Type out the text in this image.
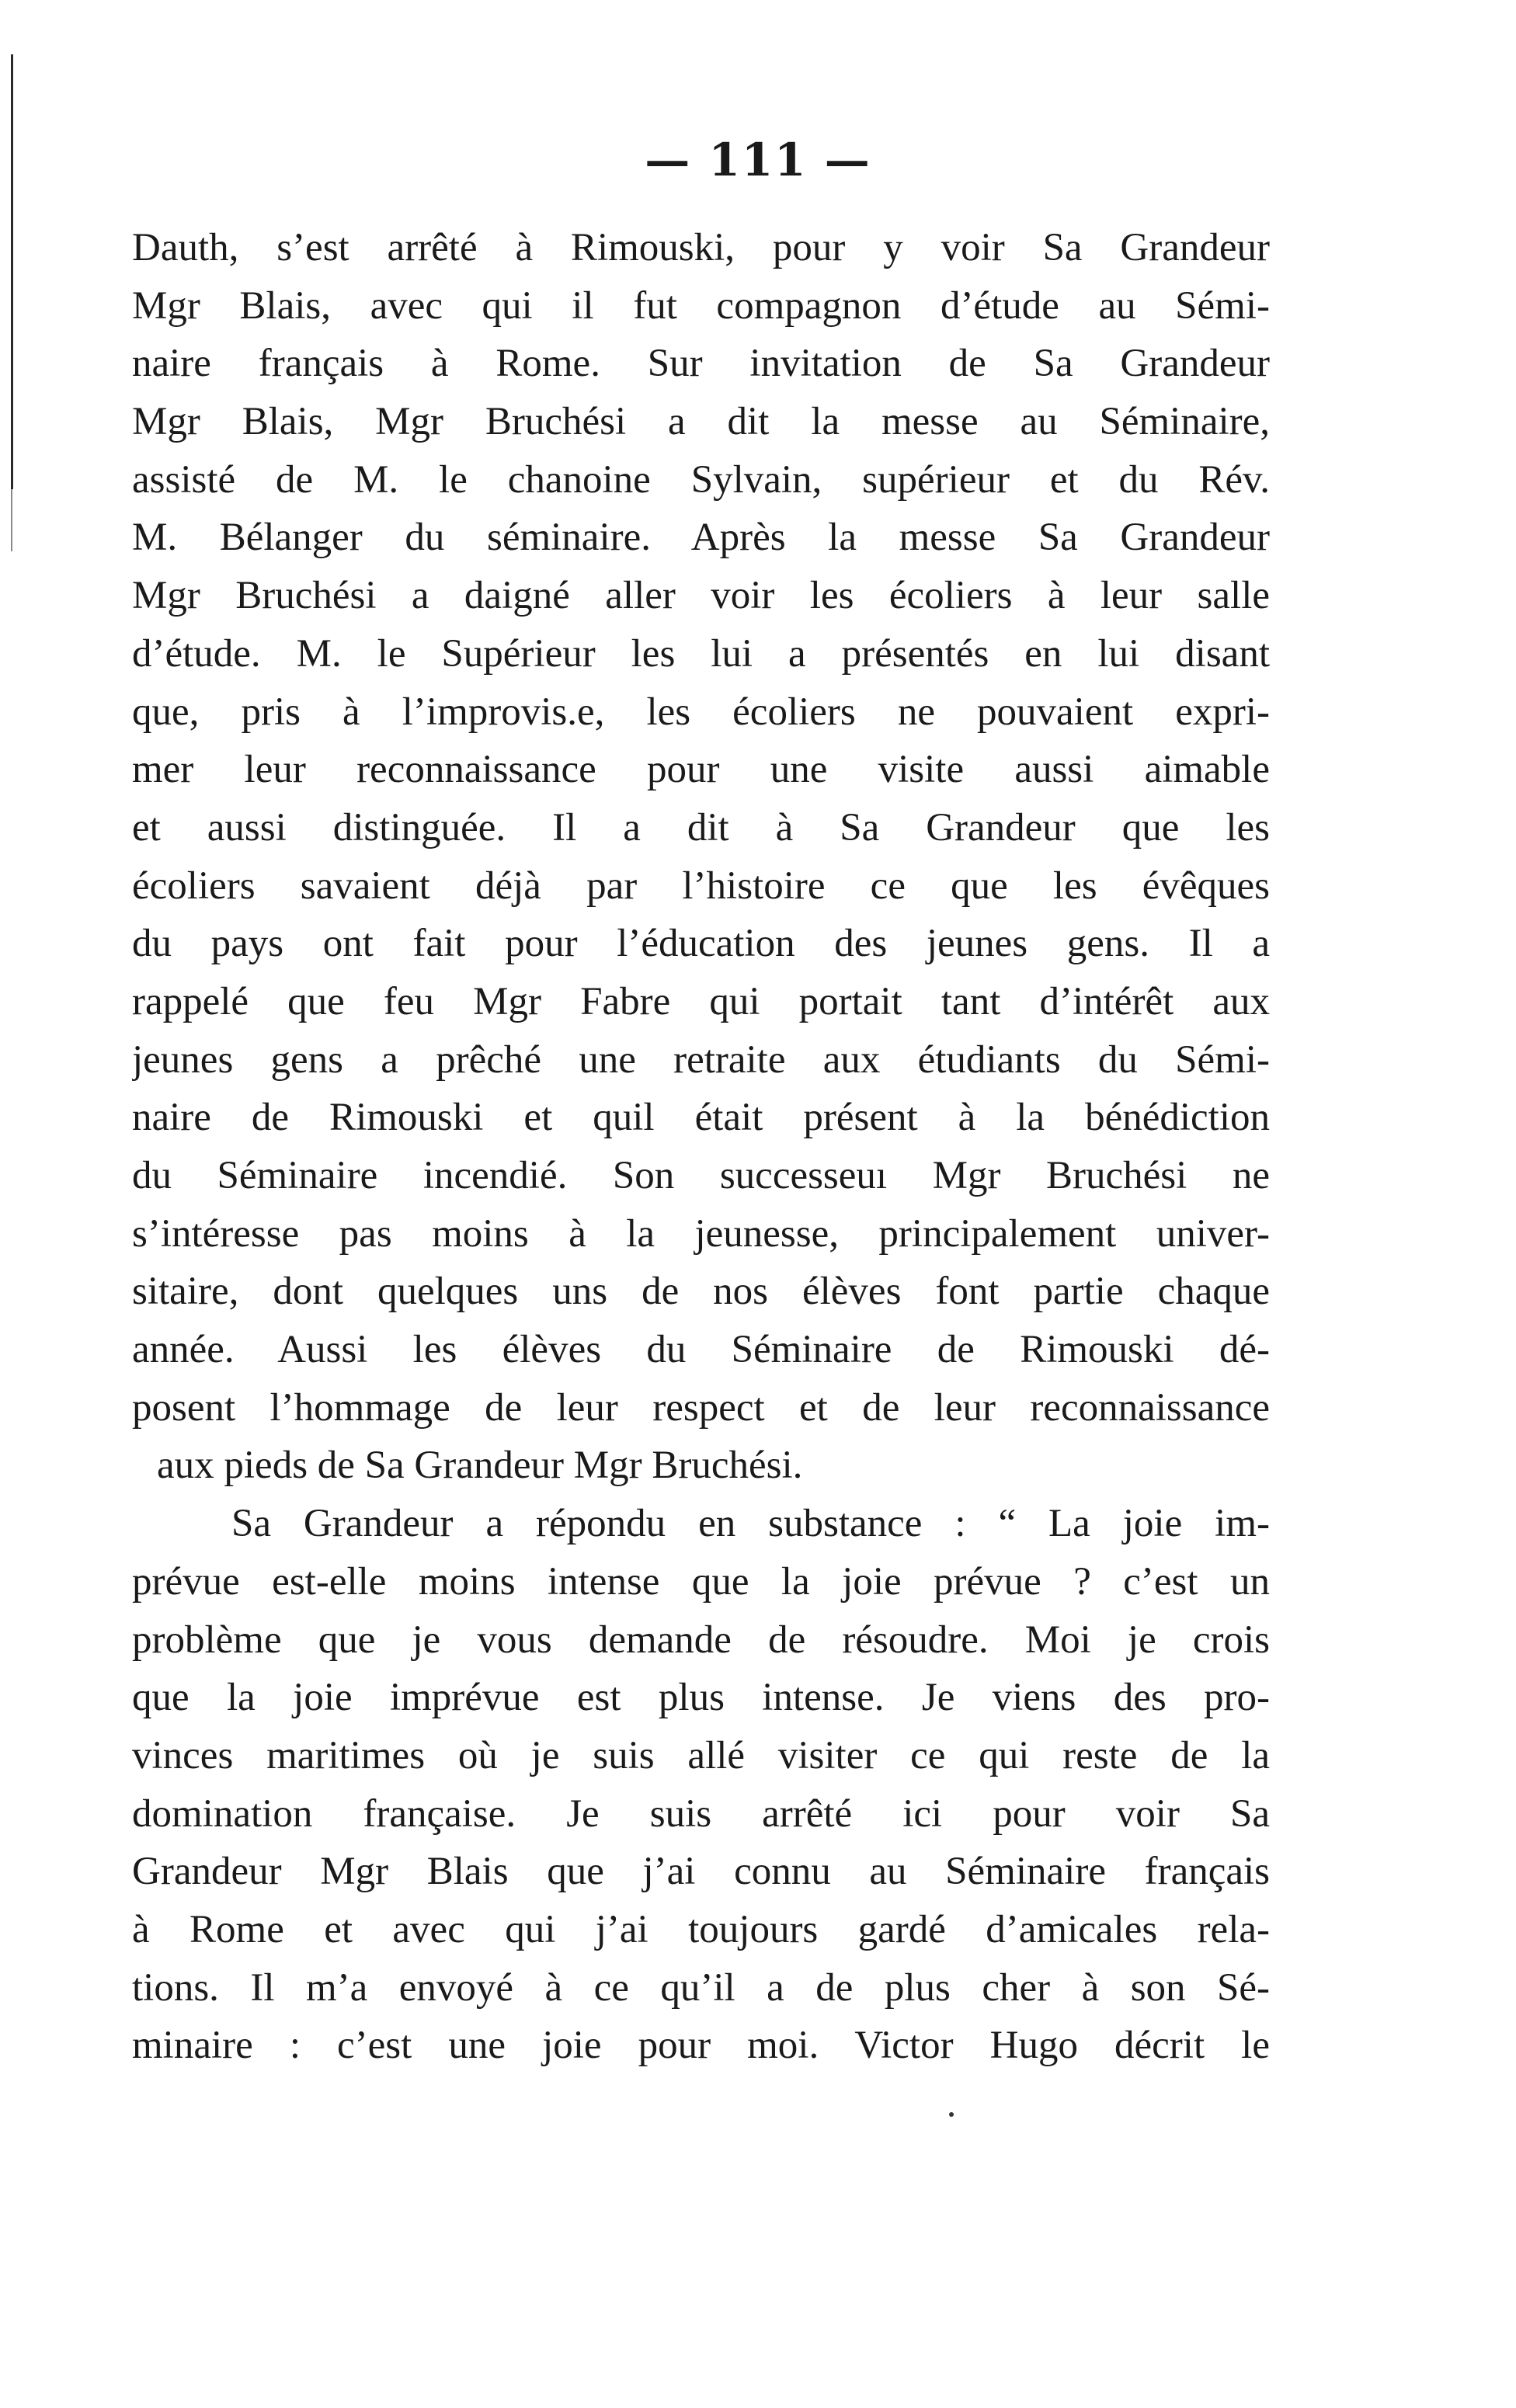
— 111 —
Dauth, s’est arrêté à Rimouski, pour y voir Sa Grandeur
Mgr Blais, avec qui il fut compagnon d’étude au Sémi-
naire français à Rome. Sur invitation de Sa Grandeur
Mgr Blais, Mgr Bruchési a dit la messe au Séminaire,
assisté de M. le chanoine Sylvain, supérieur et du Rév.
M. Bélanger du séminaire. Après la messe Sa Grandeur
Mgr Bruchési a daigné aller voir les écoliers à leur salle
d’étude. M. le Supérieur les lui a présentés en lui disant
que, pris à l’improvis.e, les écoliers ne pouvaient expri-
mer leur reconnaissance pour une visite aussi aimable
et aussi distinguée. Il a dit à Sa Grandeur que les
écoliers savaient déjà par l’histoire ce que les évêques
du pays ont fait pour l’éducation des jeunes gens. Il a
rappelé que feu Mgr Fabre qui portait tant d’intérêt aux
jeunes gens a prêché une retraite aux étudiants du Sémi-
naire de Rimouski et quil était présent à la bénédiction
du Séminaire incendié. Son successeuı Mgr Bruchési ne
s’intéresse pas moins à la jeunesse, principalement univer-
sitaire, dont quelques uns de nos élèves font partie chaque
année. Aussi les élèves du Séminaire de Rimouski dé-
posent l’hommage de leur respect et de leur reconnaissance
aux pieds de Sa Grandeur Mgr Bruchési.
Sa Grandeur a répondu en substance : “ La joie im-
prévue est-elle moins intense que la joie prévue ? c’est un
problème que je vous demande de résoudre. Moi je crois
que la joie imprévue est plus intense. Je viens des pro-
vinces maritimes où je suis allé visiter ce qui reste de la
domination française. Je suis arrêté ici pour voir Sa
Grandeur Mgr Blais que j’ai connu au Séminaire français
à Rome et avec qui j’ai toujours gardé d’amicales rela-
tions. Il m’a envoyé à ce qu’il a de plus cher à son Sé-
minaire : c’est une joie pour moi. Victor Hugo décrit le
